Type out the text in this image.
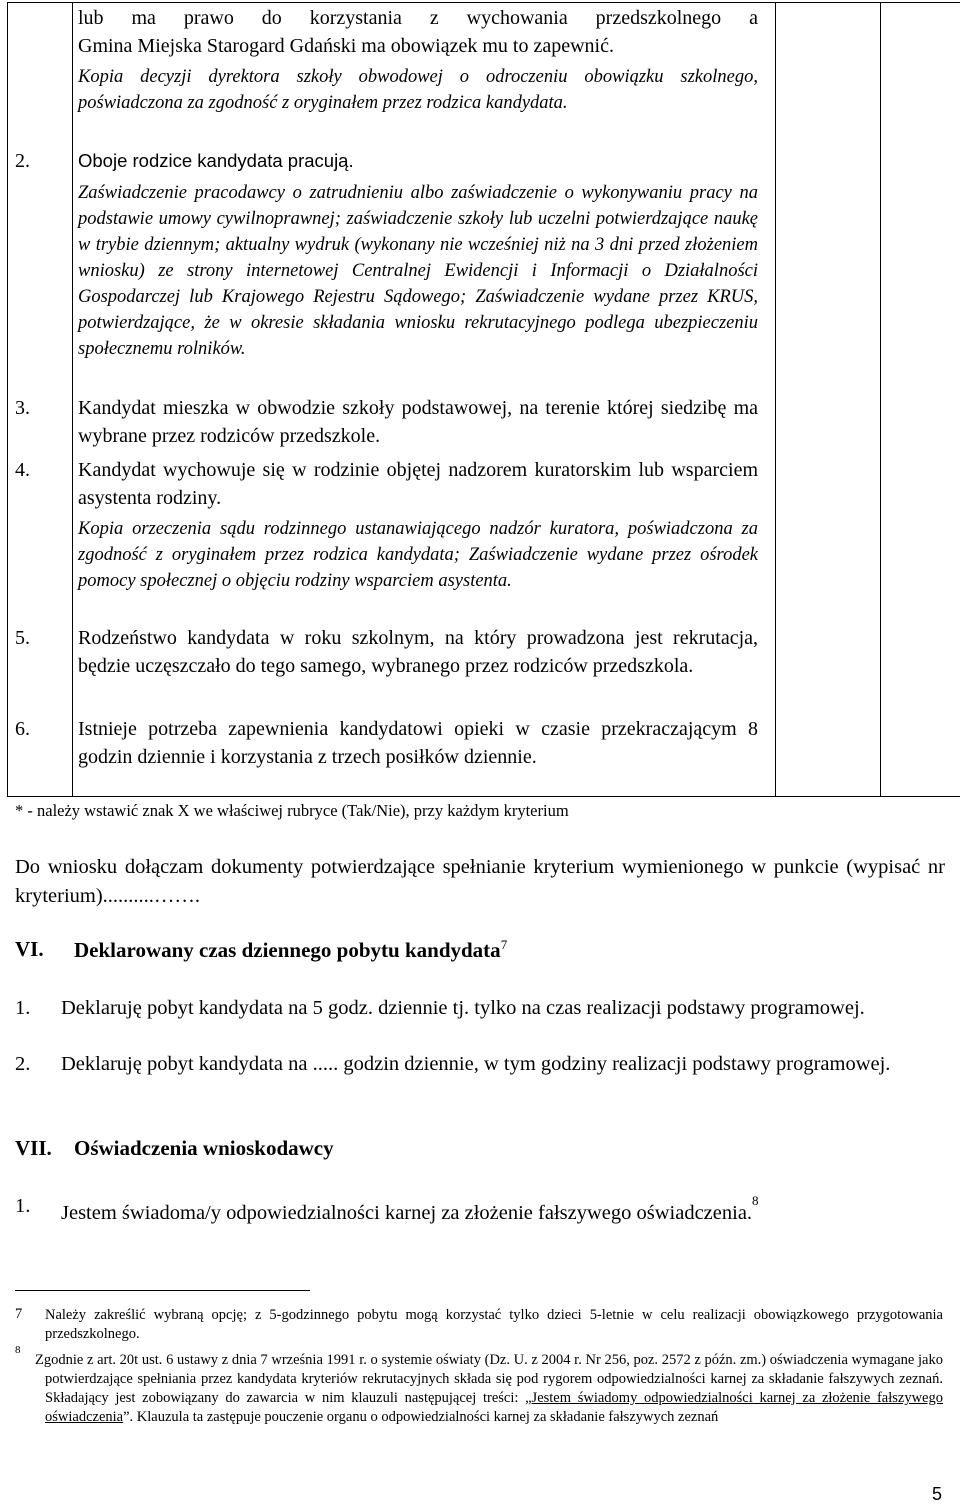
lub ma prawo do korzystania z wychowania przedszkolnego a
Gmina Miejska Starogard Gdański ma obowiązek mu to zapewnić.
Kopia decyzji dyrektora szkoły obwodowej o odroczeniu obowiązku szkolnego, poświadczona za zgodność z oryginałem przez rodzica kandydata.
2.	Oboje rodzice kandydata pracują.
Zaświadczenie pracodawcy o zatrudnieniu albo zaświadczenie o wykonywaniu pracy na podstawie umowy cywilnoprawnej; zaświadczenie szkoły lub uczelni potwierdzające naukę w trybie dziennym; aktualny wydruk (wykonany nie wcześniej niż na 3 dni przed złożeniem wniosku) ze strony internetowej Centralnej Ewidencji i Informacji o Działalności Gospodarczej lub Krajowego Rejestru Sądowego; Zaświadczenie wydane przez KRUS, potwierdzające, że w okresie składania wniosku rekrutacyjnego podlega ubezpieczeniu społecznemu rolników.
3. Kandydat mieszka w obwodzie szkoły podstawowej, na terenie której siedzibę ma wybrane przez rodziców przedszkole.
4. Kandydat wychowuje się w rodzinie objętej nadzorem kuratorskim lub wsparciem asystenta rodziny.
Kopia orzeczenia sądu rodzinnego ustanawiającego nadzór kuratora, poświadczona za zgodność z oryginałem przez rodzica kandydata; Zaświadczenie wydane przez ośrodek pomocy społecznej o objęciu rodziny wsparciem asystenta.
5. Rodzeństwo kandydata w roku szkolnym, na który prowadzona jest rekrutacja, będzie uczęszczało do tego samego, wybranego przez rodziców przedszkola.
6. Istnieje potrzeba zapewnienia kandydatowi opieki w czasie przekraczającym 8 godzin dziennie i korzystania z trzech posiłków dziennie.
* - należy wstawić znak X we właściwej rubryce (Tak/Nie), przy każdym kryterium
Do wniosku dołączam dokumenty potwierdzające spełnianie kryterium wymienionego w punkcie (wypisać nr kryterium)..........…….
VI. Deklarowany czas dziennego pobytu kandydata$^7$
1. Deklaruję pobyt kandydata na 5 godz. dziennie tj. tylko na czas realizacji podstawy programowej.
2. Deklaruję pobyt kandydata na ..... godzin dziennie, w tym godziny realizacji podstawy programowej.
VII. Oświadczenia wnioskodawcy
1. Jestem świadoma/y odpowiedzialności karnej za złożenie fałszywego oświadczenia.$^8$
7 Należy zakreślić wybraną opcję; z 5-godzinnego pobytu mogą korzystać tylko dzieci 5-letnie w celu realizacji obowiązkowego przygotowania przedszkolnego.
8
Zgodnie z art. 20t ust. 6 ustawy z dnia 7 września 1991 r. o systemie oświaty (Dz. U. z 2004 r. Nr 256, poz. 2572 z późn. zm.) oświadczenia wymagane jako potwierdzające spełniania przez kandydata kryteriów rekrutacyjnych składa się pod rygorem odpowiedzialności karnej za składanie fałszywych zeznań. Składający jest zobowiązany do zawarcia w nim klauzuli następującej treści: „Jestem świadomy odpowiedzialności karnej za złożenie fałszywego oświadczenia”. Klauzula ta zastępuje pouczenie organu o odpowiedzialności karnej za składanie fałszywych zeznań
5
